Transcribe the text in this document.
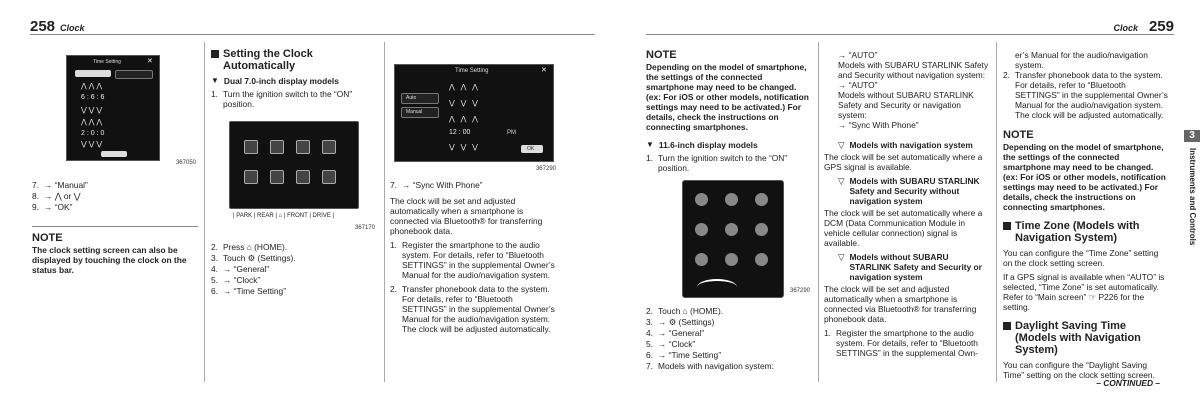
258 Clock
Time Setting	✕
⋀ ⋀ ⋀
6 : 6 : 6
⋁ ⋁ ⋁
⋀ ⋀ ⋀
2 : 0 : 0
⋁ ⋁ ⋁
367050
7. → “Manual”
8. → ⋀ or ⋁
9. → “OK”
NOTE

The clock setting screen can also be displayed by touching the clock on the status bar.

Setting the Clock Automatically
▼ Dual 7.0-inch display models
1. Turn the ignition switch to the “ON” position.
| PARK | REAR | ⌂ | FRONT | DRIVE |
367170
2. Press ⌂ (HOME).
3. Touch ⚙ (Settings).
4. → “General”
5. → “Clock”
6. → “Time Setting”
Time Setting	✕
Auto
Manual
⋀   ⋀   ⋀
⋁   ⋁   ⋁
⋀   ⋀   ⋀
12 : 00	PM
⋁   ⋁   ⋁	OK
367290
7. → “Sync With Phone”

The clock will be set and adjusted automatically when a smartphone is connected via Bluetooth® for transferring phonebook data.

1. Register the smartphone to the audio system. For details, refer to “Bluetooth SETTINGS” in the supplemental Owner’s Manual for the audio/navigation system.
2. Transfer phonebook data to the system. For details, refer to “Bluetooth SETTINGS” in the supplemental Owner’s Manual for the audio/navigation system. The clock will be adjusted automatically.
Clock 259
NOTE

Depending on the model of smartphone, the settings of the connected smartphone may need to be changed. (ex: For iOS or other models, notification settings may need to be activated.) For details, check the instructions on connecting smartphones.

▼ 11.6-inch display models
1. Turn the ignition switch to the “ON” position.
367290
2. Touch ⌂ (HOME).
3. → ⚙ (Settings)
4. → “General”
5. → “Clock”
6. → “Time Setting”
7. Models with navigation system:
→ “AUTO”
Models with SUBARU STARLINK Safety and Security without navigation system:
→ “AUTO”
Models without SUBARU STARLINK Safety and Security or navigation system:
→ “Sync With Phone”
▽ Models with navigation system

The clock will be set automatically where a GPS signal is available.

▽ Models with SUBARU STARLINK Safety and Security without navigation system

The clock will be set automatically where a DCM (Data Communication Module in vehicle cellular connection) signal is available.

▽ Models without SUBARU STARLINK Safety and Security or navigation system

The clock will be set and adjusted automatically when a smartphone is connected via Bluetooth® for transferring phonebook data.

1. Register the smartphone to the audio system. For details, refer to “Bluetooth SETTINGS” in the supplemental Own-
er’s Manual for the audio/navigation system.
2. Transfer phonebook data to the system. For details, refer to “Bluetooth SETTINGS” in the supplemental Owner’s Manual for the audio/navigation system. The clock will be adjusted automatically.
NOTE

Depending on the model of smartphone, the settings of the connected smartphone may need to be changed. (ex: For iOS or other models, notification settings may need to be activated.) For details, check the instructions on connecting smartphones.

Time Zone (Models with Navigation System)

You can configure the “Time Zone” setting on the clock setting screen.

If a GPS signal is available when “AUTO” is selected, “Time Zone” is set automatically. Refer to “Main screen” ☞ P226 for the setting.

Daylight Saving Time (Models with Navigation System)

You can configure the “Daylight Saving Time” setting on the clock setting screen.

3
Instruments and Controls
– CONTINUED –
